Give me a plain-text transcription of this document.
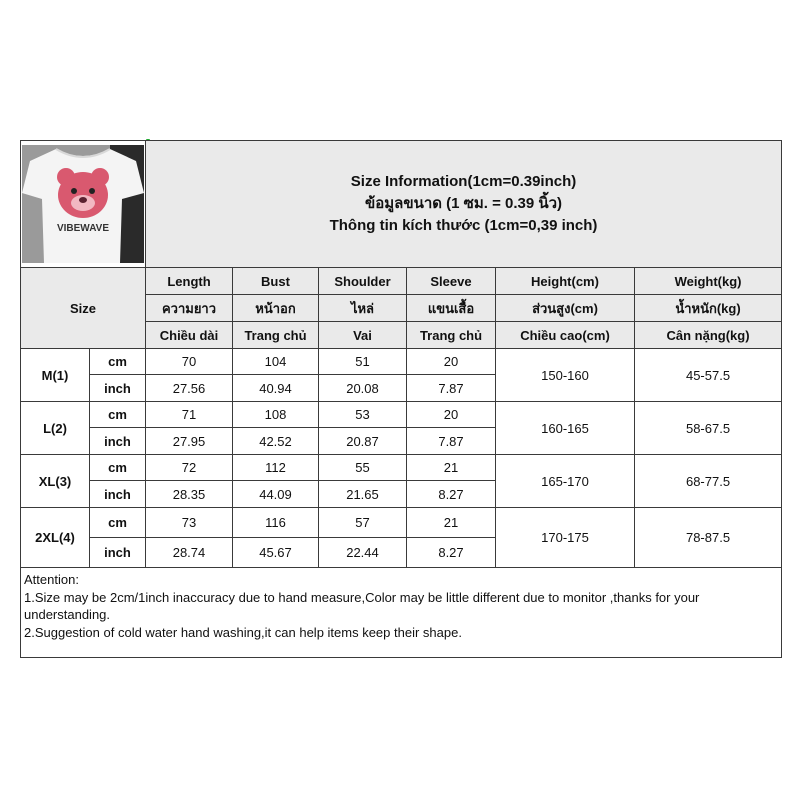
VIBEWAVE		Size Information(1cm=0.39inch)
ข้อมูลขนาด (1 ซม. = 0.39 นิ้ว)
Thông tin kích thước (1cm=0,39 inch)					

Size		Length	Bust	Shoulder	Sleeve	Height(cm)	Weight(kg)
		ความยาว	หน้าอก	ไหล่	แขนเสื้อ	ส่วนสูง(cm)	น้ำหนัก(kg)
		Chiều dài	Trang chủ	Vai	Trang chủ	Chiều cao(cm)	Cân nặng(kg)
M(1)	cm	70	104	51	20	150-160	45-57.5
	inch	27.56	40.94	20.08	7.87		
L(2)	cm	71	108	53	20	160-165	58-67.5
	inch	27.95	42.52	20.87	7.87		
XL(3)	cm	72	112	55	21	165-170	68-77.5
	inch	28.35	44.09	21.65	8.27		
2XL(4)	cm	73	116	57	21	170-175	78-87.5
	inch	28.74	45.67	22.44	8.27		

Attention:
1.Size may be 2cm/1inch inaccuracy due to hand measure,Color may be little different due to monitor ,thanks for your understanding.
2.Suggestion of cold water hand washing,it can help items keep their shape.							
